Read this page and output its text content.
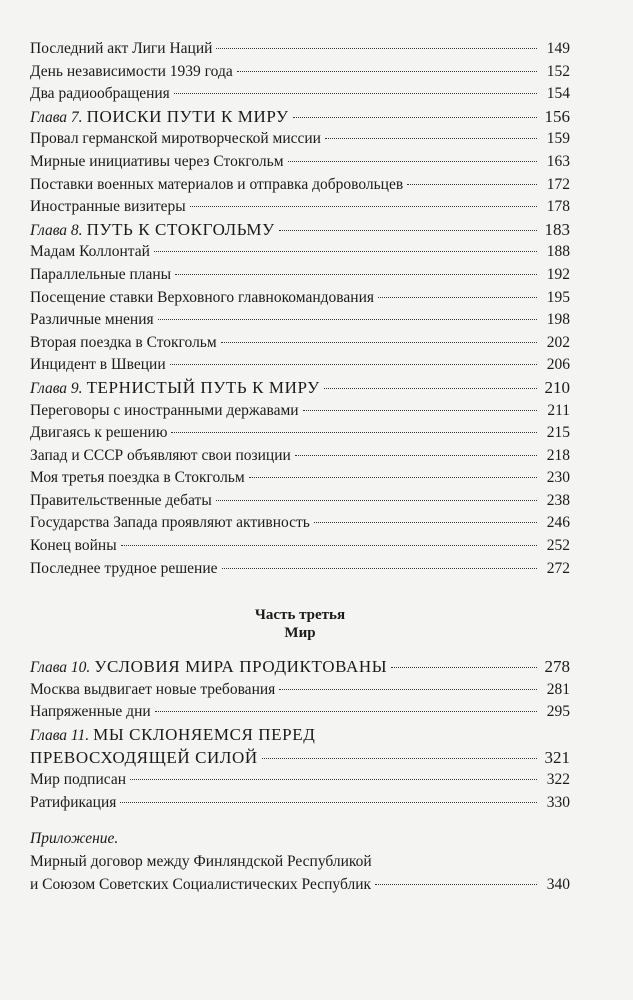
Последний акт Лиги Наций	149
День независимости 1939 года	152
Два радиообращения	154
Глава 7. ПОИСКИ ПУТИ К МИРУ	156
Провал германской миротворческой миссии	159
Мирные инициативы через Стокгольм	163
Поставки военных материалов и отправка добровольцев	172
Иностранные визитеры	178
Глава 8. ПУТЬ К СТОКГОЛЬМУ	183
Мадам Коллонтай	188
Параллельные планы	192
Посещение ставки Верховного главнокомандования	195
Различные мнения	198
Вторая поездка в Стокгольм	202
Инцидент в Швеции	206
Глава 9. ТЕРНИСТЫЙ ПУТЬ К МИРУ	210
Переговоры с иностранными державами	211
Двигаясь к решению	215
Запад и СССР объявляют свои позиции	218
Моя третья поездка в Стокгольм	230
Правительственные дебаты	238
Государства Запада проявляют активность	246
Конец войны	252
Последнее трудное решение	272
Часть третья
Мир
Глава 10. УСЛОВИЯ МИРА ПРОДИКТОВАНЫ	278
Москва выдвигает новые требования	281
Напряженные дни	295
Глава 11. МЫ СКЛОНЯЕМСЯ ПЕРЕД
ПРЕВОСХОДЯЩЕЙ СИЛОЙ	321
Мир подписан	322
Ратификация	330
Приложение.
Мирный договор между Финляндской Республикой
и Союзом Советских Социалистических Республик	340
